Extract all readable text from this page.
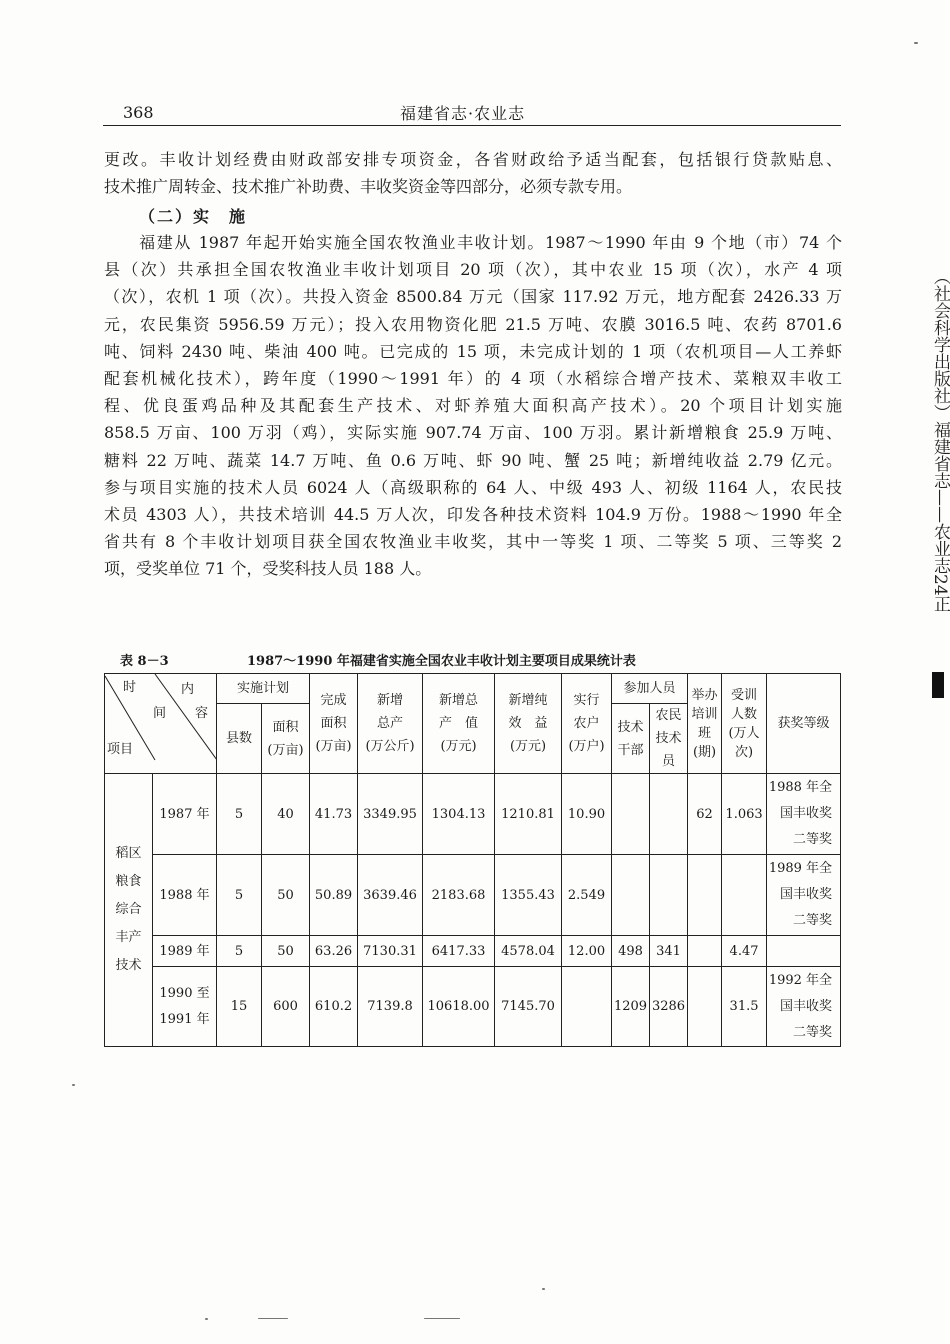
368	福建省志·农业志
更改。丰收计划经费由财政部安排专项资金，各省财政给予适当配套，包括银行贷款贴息、
技术推广周转金、技术推广补助费、丰收奖资金等四部分，必须专款专用。
（二）实　施
　　福建从 1987 年起开始实施全国农牧渔业丰收计划。1987～1990 年由 9 个地（市）74 个
县（次）共承担全国农牧渔业丰收计划项目 20 项（次），其中农业 15 项（次），水产 4 项
（次），农机 1 项（次）。共投入资金 8500.84 万元（国家 117.92 万元，地方配套 2426.33 万
元，农民集资 5956.59 万元）；投入农用物资化肥 21.5 万吨、农膜 3016.5 吨、农药 8701.6
吨、饲料 2430 吨、柴油 400 吨。已完成的 15 项，未完成计划的 1 项（农机项目—人工养虾
配套机械化技术），跨年度（1990～1991 年）的 4 项（水稻综合增产技术、菜粮双丰收工
程、优良蛋鸡品种及其配套生产技术、对虾养殖大面积高产技术）。20 个项目计划实施
858.5 万亩、100 万羽（鸡），实际实施 907.74 万亩、100 万羽。累计新增粮食 25.9 万吨、
糖料 22 万吨、蔬菜 14.7 万吨、鱼 0.6 万吨、虾 90 吨、蟹 25 吨；新增纯收益 2.79 亿元。
参与项目实施的技术人员 6024 人（高级职称的 64 人、中级 493 人、初级 1164 人，农民技
术员 4303 人），共技术培训 44.5 万人次，印发各种技术资料 104.9 万份。1988～1990 年全
省共有 8 个丰收计划项目获全国农牧渔业丰收奖，其中一等奖 1 项、二等奖 5 项、三等奖 2
项，受奖单位 71 个，受奖科技人员 188 人。
表 8－3	1987～1990 年福建省实施全国农业丰收计划主要项目成果统计表
时 内
间 容
项目		实施计划		完成
面积
(万亩)	新增
总产
(万公斤)	新增总
产　值
(万元)	新增纯
效　益
(万元)	实行
农户
(万户)	参加人员		举办
培训
班
(期)	受训
人数
(万人
次)	获奖等级
		县数	面积
(万亩)						技术
干部	农民
技术
员			
稻区
粮食
综合
丰产
技术	1987 年	5	40	41.73	3349.95	1304.13	1210.81	10.90			62	1.063	1988 年全
国丰收奖
二等奖

	1988 年	5	50	50.89	3639.46	2183.68	1355.43	2.549					1989 年全
国丰收奖
二等奖

	1989 年	5	50	63.26	7130.31	6417.33	4578.04	12.00	498	341		4.47	
	1990 至
1991 年	15	600	610.2	7139.8	10618.00	7145.70		1209	3286		31.5	1992 年全
国丰收奖
二等奖
（社会科学出版社）福建省志——农业志24正
